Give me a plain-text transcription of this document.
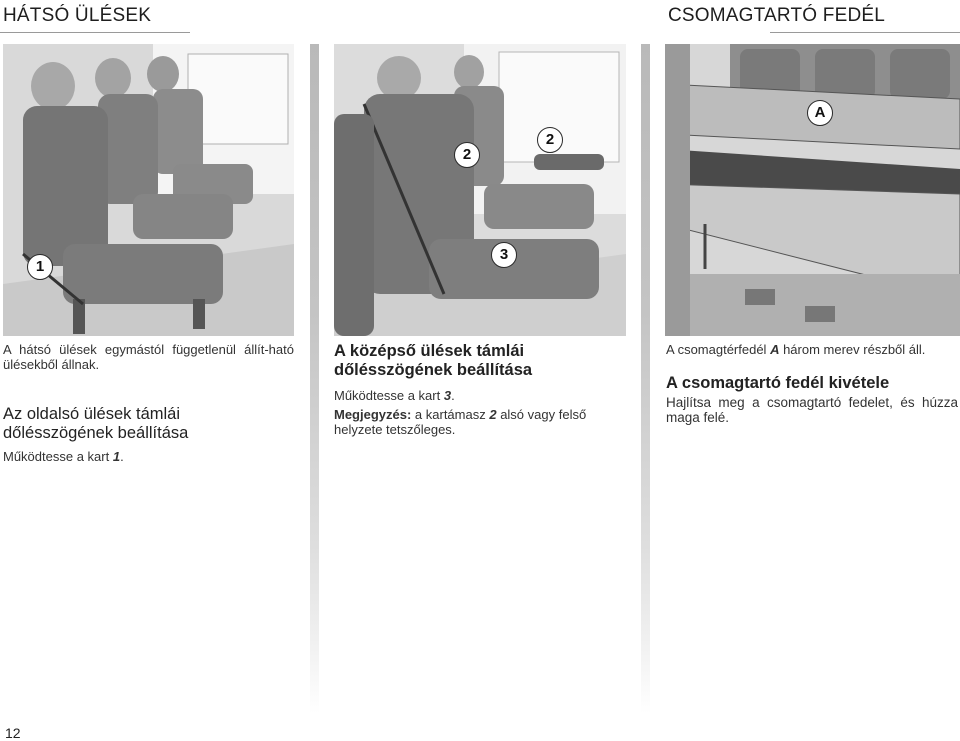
HÁTSÓ ÜLÉSEK	CSOMAGTARTÓ FEDÉL
1
2
2
3
A

A hátsó ülések egymástól függetlenül állít-ható ülésekből állnak.

Az oldalsó ülések támlái dőlésszögének beállítása

Működtesse a kart 1.

A középső ülések támlái dőlésszögének beállítása

Működtesse a kart 3.

Megjegyzés: a kartámasz 2 alsó vagy felső helyzete tetszőleges.

A csomagtérfedél A három merev részből áll.

A csomagtartó fedél kivétele

Hajlítsa meg a csomagtartó fedelet, és húzza maga felé.

12
